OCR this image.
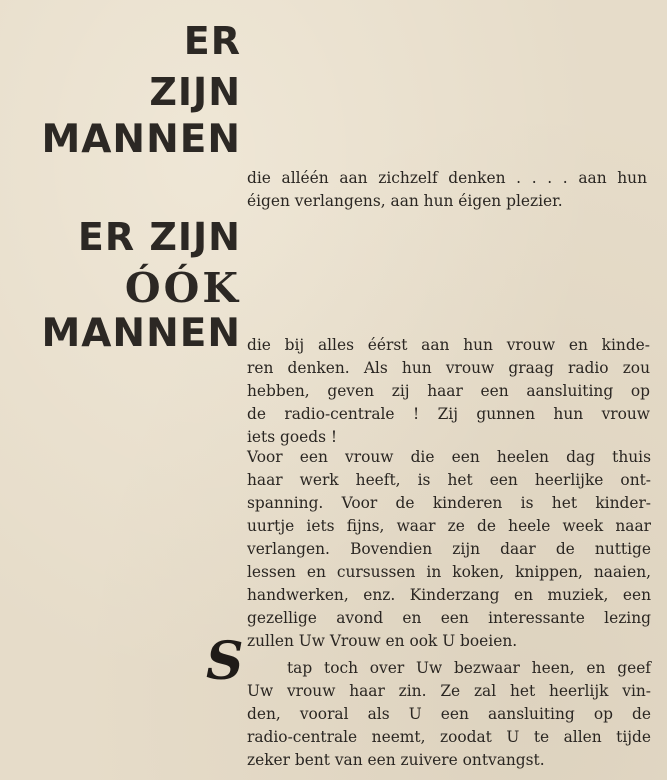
ER
ZIJN
MANNEN
ER ZIJN
ÓÓK
MANNEN
die alléén aan zichzelf denken . . . . aan hun
éigen verlangens, aan hun éigen plezier.
die bij alles éérst aan hun vrouw en kinde-
ren denken. Als hun vrouw graag radio zou
hebben, geven zij haar een aansluiting op
de radio-centrale ! Zij gunnen hun vrouw
iets goeds !
Voor een vrouw die een heelen dag thuis
haar werk heeft, is het een heerlijke ont-
spanning. Voor de kinderen is het kinder-
uurtje iets fijns, waar ze de heele week naar
verlangen. Bovendien zijn daar de nuttige
lessen en cursussen in koken, knippen, naaien,
handwerken, enz. Kinderzang en muziek, een
gezellige avond en een interessante lezing
zullen Uw Vrouw en ook U boeien.
S	tap toch over Uw bezwaar heen, en geef
Uw vrouw haar zin. Ze zal het heerlijk vin-
den, vooral als U een aansluiting op de
radio-centrale neemt, zoodat U te allen tijde
zeker bent van een zuivere ontvangst.
